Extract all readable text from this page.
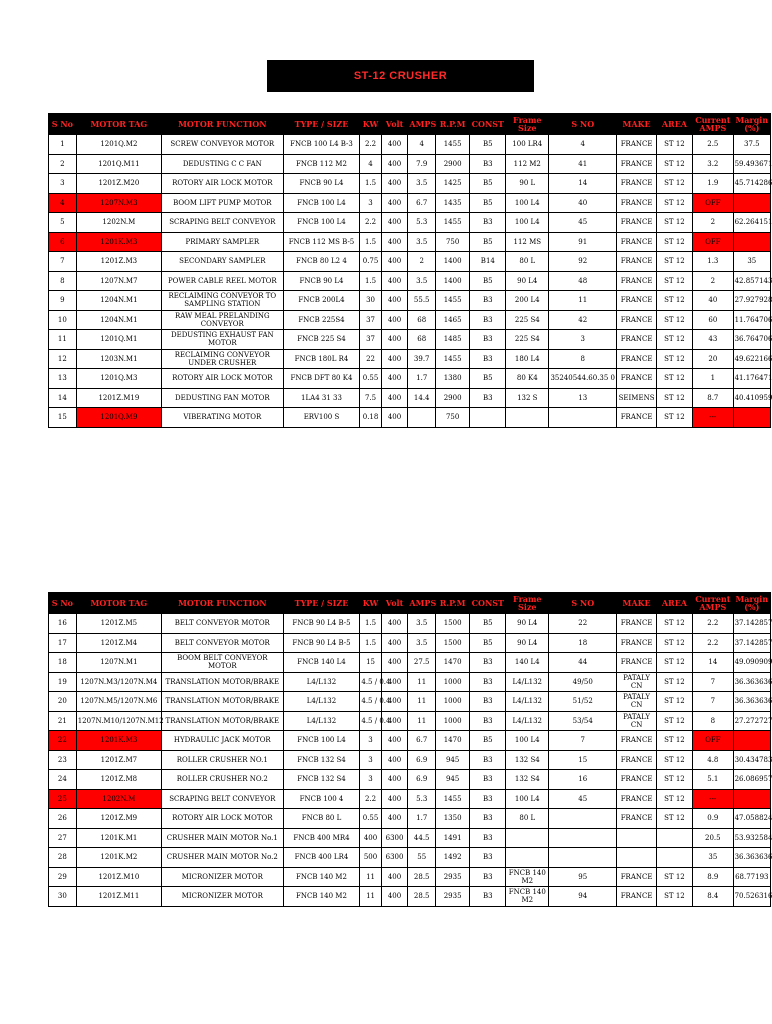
ST-12 CRUSHER
S No	MOTOR TAG	MOTOR FUNCTION	TYPE / SIZE	KW	Volt	AMPS	R.P.M	CONST	Frame Size	S NO	MAKE	AREA	Current AMPS	Margin (%)
1	1201Q.M2	SCREW CONVEYOR MOTOR	FNCB 100 L4 B-3	2.2	400	4	1455	B5	100 LR4	4	FRANCE	ST 12	2.5	37.5
2	1201Q.M11	DEDUSTING C C FAN	FNCB 112 M2	4	400	7.9	2900	B3	112 M2	41	FRANCE	ST 12	3.2	59.493671
3	1201Z.M20	ROTORY AIR LOCK MOTOR	FNCB 90 L4	1.5	400	3.5	1425	B5	90 L	14	FRANCE	ST 12	1.9	45.714286
4	1207N.M3	BOOM LIFT PUMP MOTOR	FNCB 100 L4	3	400	6.7	1435	B5	100 L4	40	FRANCE	ST 12	OFF	
5	1202N.M	SCRAPING BELT CONVEYOR	FNCB 100 L4	2.2	400	5.3	1455	B3	100 L4	45	FRANCE	ST 12	2	62.264151
6	1201K.M3	PRIMARY SAMPLER	FNCB 112 MS B-5	1.5	400	3.5	750	B5	112 MS	91	FRANCE	ST 12	OFF	
7	1201Z.M3	SECONDARY SAMPLER	FNCB 80 L2 4	0.75	400	2	1400	B14	80 L	92	FRANCE	ST 12	1.3	35
8	1207N.M7	POWER CABLE REEL MOTOR	FNCB 90 L4	1.5	400	3.5	1400	B5	90 L4	48	FRANCE	ST 12	2	42.857143
9	1204N.M1	RECLAIMING CONVEYOR TO SAMPLING STATION	FNCB 200L4	30	400	55.5	1455	B3	200 L4	11	FRANCE	ST 12	40	27.927928
10	1204N.M1	RAW MEAL PRELANDING CONVEYOR	FNCB 225S4	37	400	68	1465	B3	225 S4	42	FRANCE	ST 12	60	11.764706
11	1201Q.M1	DEDUSTING EXHAUST FAN MOTOR	FNCB 225 S4	37	400	68	1485	B3	225 S4	3	FRANCE	ST 12	43	36.764706
12	1203N.M1	RECLAIMING CONVEYOR UNDER CRUSHER	FNCB 180L R4	22	400	39.7	1455	B3	180 L4	8	FRANCE	ST 12	20	49.622166
13	1201Q.M3	ROTORY AIR LOCK MOTOR	FNCB DFT 80 K4	0.55	400	1.7	1380	B5	80 K4	35240544.60.35 0	FRANCE	ST 12	1	41.176471
14	1201Z.M19	DEDUSTING FAN MOTOR	1LA4 31 33	7.5	400	14.4	2900	B3	132 S	13	SEIMENS	ST 12	8.7	40.410959
15	1201Q.M9	VIBERATING MOTOR	ERV100 S	0.18	400		750				FRANCE	ST 12	---	
S No	MOTOR TAG	MOTOR FUNCTION	TYPE / SIZE	KW	Volt	AMPS	R.P.M	CONST	Frame Size	S NO	MAKE	AREA	Current AMPS	Margin (%)
16	1201Z.M5	BELT CONVEYOR MOTOR	FNCB 90 L4 B-5	1.5	400	3.5	1500	B5	90 L4	22	FRANCE	ST 12	2.2	37.142857
17	1201Z.M4	BELT CONVEYOR MOTOR	FNCB 90 L4 B-5	1.5	400	3.5	1500	B5	90 L4	18	FRANCE	ST 12	2.2	37.142857
18	1207N.M1	BOOM BELT CONVEYOR MOTOR	FNCB 140 L4	15	400	27.5	1470	B3	140 L4	44	FRANCE	ST 12	14	49.090909
19	1207N.M3/1207N.M4	TRANSLATION MOTOR/BRAKE	L4/L132	4.5 / 0.4	400	11	1000	B3	L4/L132	49/50	PATALY CN	ST 12	7	36.363636
20	1207N.M5/1207N.M6	TRANSLATION MOTOR/BRAKE	L4/L132	4.5 / 0.4	400	11	1000	B3	L4/L132	51/52	PATALY CN	ST 12	7	36.363636
21	1207N.M10/1207N.M12	TRANSLATION MOTOR/BRAKE	L4/L132	4.5 / 0.4	400	11	1000	B3	L4/L132	53/54	PATALY CN	ST 12	8	27.272727
22	1201K.M3	HYDRAULIC JACK MOTOR	FNCB 100 L4	3	400	6.7	1470	B5	100 L4	7	FRANCE	ST 12	OFF	
23	1201Z.M7	ROLLER CRUSHER NO.1	FNCB 132 S4	3	400	6.9	945	B3	132 S4	15	FRANCE	ST 12	4.8	30.434783
24	1201Z.M8	ROLLER CRUSHER NO.2	FNCB 132 S4	3	400	6.9	945	B3	132 S4	16	FRANCE	ST 12	5.1	26.086957
25	1202N.M	SCRAPING BELT CONVEYOR	FNCB 100 4	2.2	400	5.3	1455	B3	100 L4	45	FRANCE	ST 12	---	
26	1201Z.M9	ROTORY AIR LOCK MOTOR	FNCB 80 L	0.55	400	1.7	1350	B3	80 L		FRANCE	ST 12	0.9	47.058824
27	1201K.M1	CRUSHER MAIN MOTOR No.1	FNCB 400 MR4	400	6300	44.5	1491	B3					20.5	53.932584
28	1201K.M2	CRUSHER MAIN MOTOR No.2	FNCB 400 LR4	500	6300	55	1492	B3					35	36.363636
29	1201Z.M10	MICRONIZER MOTOR	FNCB 140 M2	11	400	28.5	2935	B3	FNCB 140 M2	95	FRANCE	ST 12	8.9	68.77193
30	1201Z.M11	MICRONIZER MOTOR	FNCB 140 M2	11	400	28.5	2935	B3	FNCB 140 M2	94	FRANCE	ST 12	8.4	70.526316
